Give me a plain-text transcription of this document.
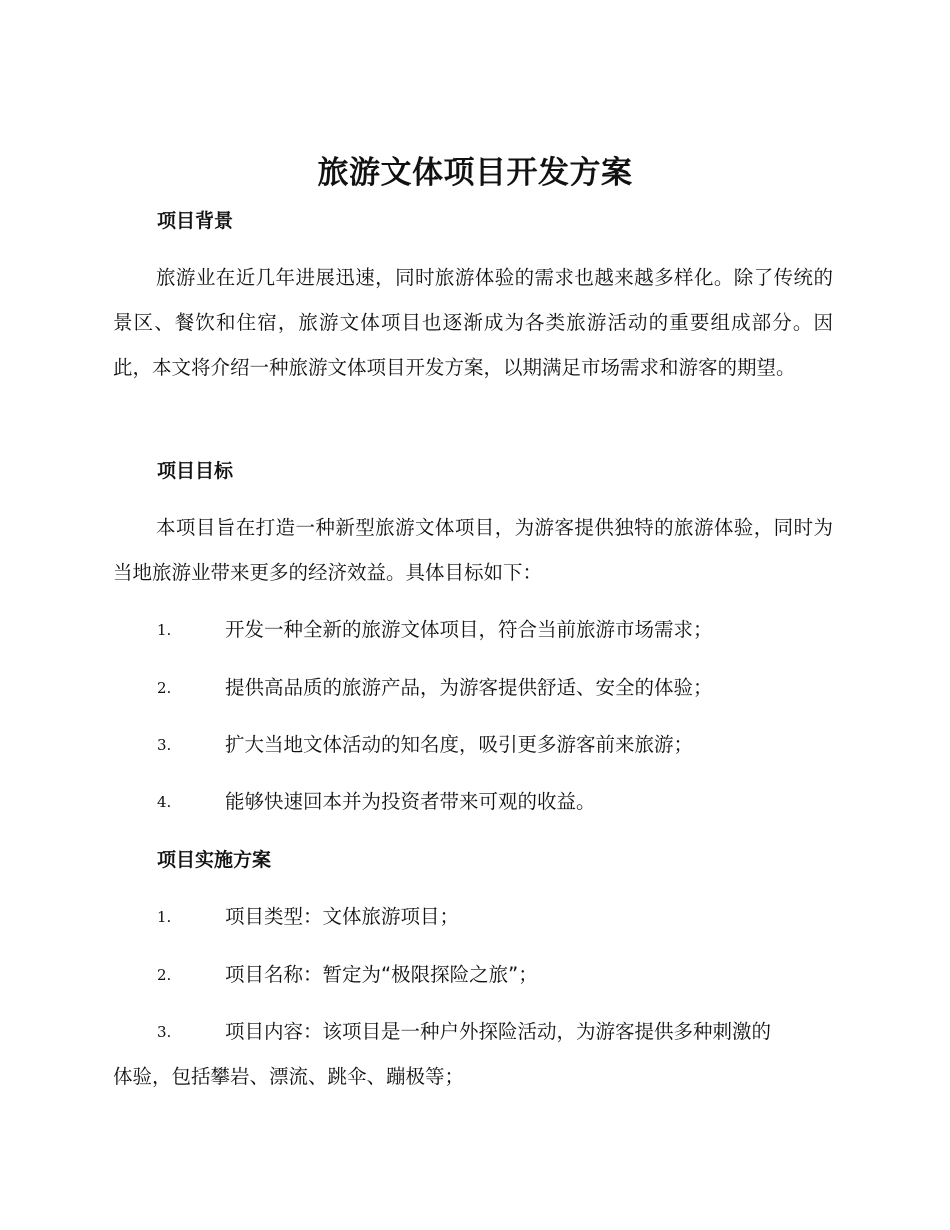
旅游文体项目开发方案
项目背景

旅游业在近几年进展迅速，同时旅游体验的需求也越来越多样化。除了传统的景区、餐饮和住宿，旅游文体项目也逐渐成为各类旅游活动的重要组成部分。因此，本文将介绍一种旅游文体项目开发方案，以期满足市场需求和游客的期望。

项目目标

本项目旨在打造一种新型旅游文体项目，为游客提供独特的旅游体验，同时为当地旅游业带来更多的经济效益。具体目标如下：

1.	开发一种全新的旅游文体项目，符合当前旅游市场需求；
2.	提供高品质的旅游产品，为游客提供舒适、安全的体验；
3.	扩大当地文体活动的知名度，吸引更多游客前来旅游；
4.	能够快速回本并为投资者带来可观的收益。
项目实施方案
1.	项目类型：文体旅游项目；
2.	项目名称：暂定为“极限探险之旅”；
3.	项目内容：该项目是一种户外探险活动，为游客提供多种刺激的
体验，包括攀岩、漂流、跳伞、蹦极等；
